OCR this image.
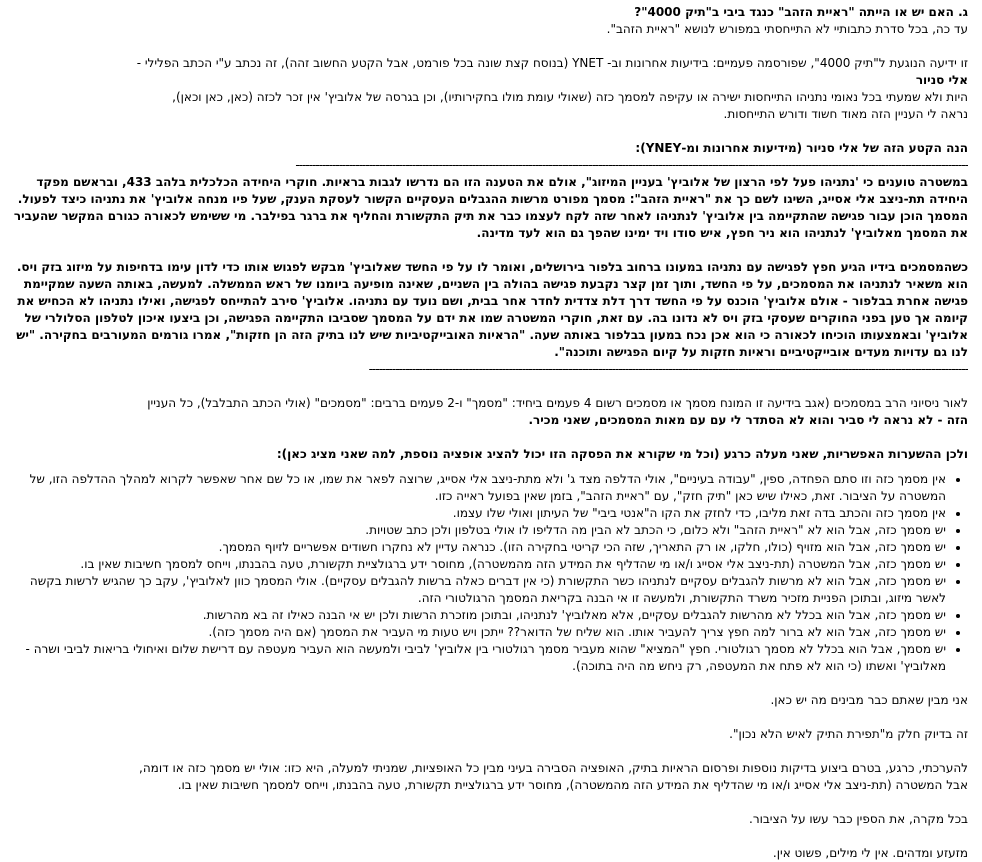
ג. האם יש או הייתה "ראיית הזהב" כנגד ביבי ב"תיק 4000"?

עד כה, בכל סדרת כתבותיי לא התייחסתי במפורש לנושא "ראיית הזהב".

זו ידיעה הנוגעת ל"תיק 4000", שפורסמה פעמיים: בידיעות אחרונות וב- YNET (בנוסח קצת שונה בכל פורמט, אבל הקטע החשוב זהה), זה נכתב ע"י הכתב הפלילי -

אלי סניור

היות ולא שמעתי בכל נאומי נתניהו התייחסות ישירה או עקיפה למסמך כזה (שאולי עומת מולו בחקירותיו), וכן בגרסה של אלוביץ' אין זכר לכזה (כאן, כאן וכאן),

נראה לי העניין הזה מאוד חשוד ודורש התייחסות.

הנה הקטע הזה של אלי סניור (מידיעות אחרונות ומ-YNEY):

----------------------------------------------------------------------------------------------------------------------------------------------------------------------------------------------------------

במשטרה טוענים כי 'נתניהו פעל לפי הרצון של אלוביץ' בעניין המיזוג", אולם את הטענה הזו הם נדרשו לגבות בראיות. חוקרי היחידה הכלכלית בלהב 433, ובראשם מפקד היחידה תת-ניצב אלי אסייג, השיגו לשם כך את "ראיית הזהב": מסמך מפורט מרשות ההגבלים העסקיים הקשור לעסקת הענק, שעל פיו מנחה אלוביץ' את נתניהו כיצד לפעול. המסמך הוכן עבור פגישה שהתקיימה בין אלוביץ' לנתניהו לאחר שזה לקח לעצמו כבר את תיק התקשורת והחליף את ברגר בפילבר. מי ששימש לכאורה כגורם המקשר שהעביר את המסמך מאלוביץ' לנתניהו הוא ניר חפץ, איש סודו ויד ימינו שהפך גם הוא לעד מדינה.

כשהמסמכים בידיו הגיע חפץ לפגישה עם נתניהו במעונו ברחוב בלפור בירושלים, ואומר לו על פי החשד שאלוביץ' מבקש לפגוש אותו כדי לדון עימו בדחיפות על מיזוג בזק ויס. הוא משאיר לנתניהו את המסמכים, על פי החשד, ותוך זמן קצר נקבעת פגישה בהולה בין השניים, שאינה מופיעה ביומנו של ראש הממשלה. למעשה, באותה השעה שמקיימת פגישה אחרת בבלפור - אולם אלוביץ' הוכנס על פי החשד דרך דלת צדדית לחדר אחר בבית, ושם נועד עם נתניהו. אלוביץ' סירב להתייחס לפגישה, ואילו נתניהו לא הכחיש את קיומה אך טען בפני החוקרים שעסקי בזק ויס לא נדונו בה. עם זאת, חוקרי המשטרה שמו את ידם על המסמך שסביבו התקיימה הפגישה, וכן ביצעו איכון לטלפון הסלולרי של אלוביץ' ובאמצעותו הוכיחו לכאורה כי הוא אכן נכח במעון בבלפור באותה שעה. "הראיות האובייקטיביות שיש לנו בתיק הזה הן חזקות", אמרו גורמים המעורבים בחקירה. "יש לנו גם עדויות מעדים אובייקטיביים וראיות חזקות על קיום הפגישה ותוכנה".

------------------------------------------------------------------------------------------------------------------------------------------------------------------------------------

לאור ניסיוני הרב במסמכים (אגב בידיעה זו המונח מסמך או מסמכים רשום 4 פעמים ביחיד: "מסמך" ו-2 פעמים ברבים: "מסמכים" (אולי הכתב התבלבל), כל העניין

הזה - לא נראה לי סביר והוא לא הסתדר לי עם עם מאות המסמכים, שאני מכיר.

ולכן ההשערות האפשריות, שאני מעלה כרגע (וכל מי שקורא את הפסקה הזו יכול להציג אופציה נוספת, למה שאני מציג כאן):

• אין מסמך כזה וזו סתם הפחדה, ספין, "עבודה בעיניים", אולי הדלפה מצד ג' ולא מתת-ניצב אלי אסייג, שרוצה לפאר את שמו, או כל שם אחר שאפשר לקרוא למהלך ההדלפה הזו, של המשטרה על הציבור. זאת, כאילו שיש כאן "תיק חזק", עם "ראיית הזהב", בזמן שאין בפועל ראייה כזו.
• אין מסמך כזה והכתב בדה זאת מליבו, כדי לחזק את הקו ה"אנטי ביבי" של העיתון ואולי שלו עצמו.
• יש מסמך כזה, אבל הוא לא "ראיית הזהב" ולא כלום, כי הכתב לא הבין מה הדליפו לו אולי בטלפון ולכן כתב שטויות.
• יש מסמך כזה, אבל הוא מזויף (כולו, חלקו, או רק התאריך, שזה הכי קריטי בחקירה הזו). כנראה עדיין לא נחקרו חשודים אפשריים לזיוף המסמך.
• יש מסמך כזה, אבל המשטרה (תת-ניצב אלי אסייג ו/או מי שהדליף את המידע הזה מהמשטרה), מחוסר ידע ברגולציית תקשורת, טעה בהבנתו, וייחס למסמך חשיבות שאין בו.
• יש מסמך כזה, אבל הוא לא מרשות להגבלים עסקיים לנתניהו כשר התקשורת (כי אין דברים כאלה ברשות להגבלים עסקיים). אולי המסמך כוון לאלוביץ', עקב כך שהגיש לרשות בקשה לאשר מיזוג, ובתוכן הפניית מזכיר משרד התקשורת, ולמעשה זו אי הבנה בקריאת המסמך הרגולטורי הזה.
• יש מסמך כזה, אבל הוא בכלל לא מהרשות להגבלים עסקיים, אלא מאלוביץ' לנתניהו, ובתוכן מוזכרת הרשות ולכן יש אי הבנה כאילו זה בא מהרשות.
• יש מסמך כזה, אבל הוא לא ברור למה חפץ צריך להעביר אותו. הוא שליח של הדואר?? ייתכן ויש טעות מי העביר את המסמך (אם היה מסמך כזה).
• יש מסמך, אבל הוא בכלל לא מסמך רגולטורי. חפץ "המציא" שהוא מעביר מסמך רגולטורי בין אלוביץ' לביבי ולמעשה הוא העביר מעטפה עם דרישת שלום ואיחולי בריאות לביבי ושרה - מאלוביץ' ואשתו (כי הוא לא פתח את המעטפה, רק ניחש מה היה בתוכה).

אני מבין שאתם כבר מבינים מה יש כאן.

זה בדיוק חלק מ"תפירת התיק לאיש הלא נכון".

להערכתי, כרגע, בטרם ביצוע בדיקות נוספות ופרסום הראיות בתיק, האופציה הסבירה בעיני מבין כל האופציות, שמניתי למעלה, היא כזו: אולי יש מסמך כזה או דומה,

אבל המשטרה (תת-ניצב אלי אסייג ו/או מי שהדליף את המידע הזה מהמשטרה), מחוסר ידע ברגולציית תקשורת, טעה בהבנתו, וייחס למסמך חשיבות שאין בו.

בכל מקרה, את הספין כבר עשו על הציבור.

מזעזע ומדהים. אין לי מילים, פשוט אין.
